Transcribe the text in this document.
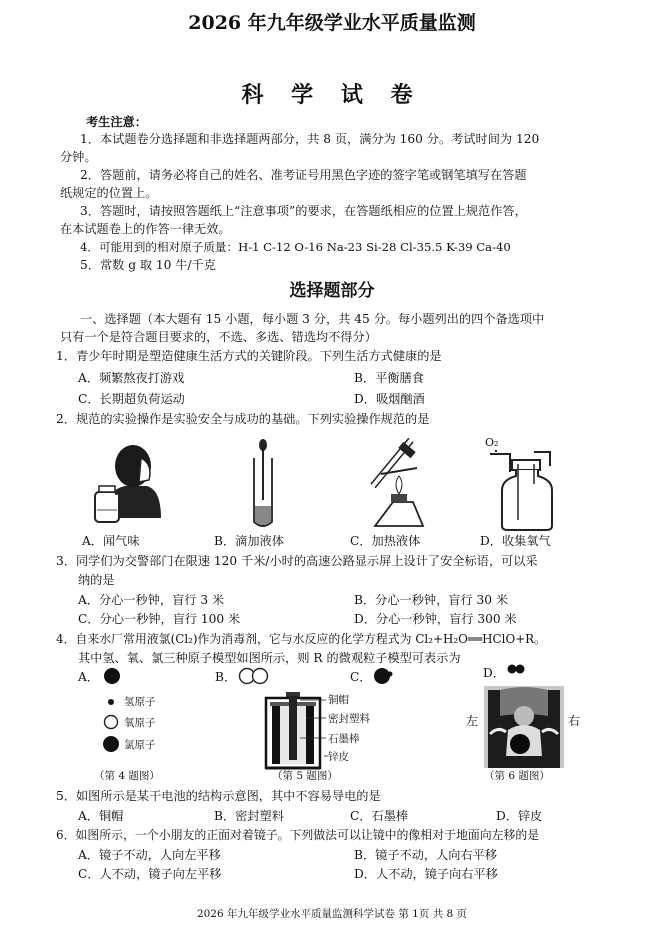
2026 年九年级学业水平质量监测
科 学 试 卷
考生注意：
1．本试题卷分选择题和非选择题两部分，共 8 页，满分为 160 分。考试时间为 120
分钟。
2．答题前，请务必将自己的姓名、准考证号用黑色字迹的签字笔或钢笔填写在答题
纸规定的位置上。
3．答题时，请按照答题纸上“注意事项”的要求，在答题纸相应的位置上规范作答，
在本试题卷上的作答一律无效。
4．可能用到的相对原子质量：H-1 C-12 O-16 Na-23 Si-28 Cl-35.5 K-39 Ca-40
5．常数 g 取 10 牛/千克
选择题部分
一、选择题（本大题有 15 小题，每小题 3 分，共 45 分。每小题列出的四个备选项中
只有一个是符合题目要求的，不选、多选、错选均不得分）
1．青少年时期是塑造健康生活方式的关键阶段。下列生活方式健康的是
A．频繁熬夜打游戏	B．平衡膳食
C．长期超负荷运动	D．吸烟酗酒
2．规范的实验操作是实验安全与成功的基础。下列实验操作规范的是
O₂
A．闻气味	B．滴加液体	C．加热液体	D．收集氧气
3．同学们为交警部门在限速 120 千米/小时的高速公路显示屏上设计了安全标语，可以采
纳的是
A．分心一秒钟，盲行 3 米	B．分心一秒钟，盲行 30 米
C．分心一秒钟，盲行 100 米	D．分心一秒钟，盲行 300 米
4．自来水厂常用液氯(Cl₂)作为消毒剂，它与水反应的化学方程式为 Cl₂+H₂O══HClO+R。
其中氢、氧、氯三种原子模型如图所示，则 R 的微观粒子模型可表示为
A．	B．	C．	D．
氢原子
氧原子
氯原子
（第 4 题图）
铜帽
密封塑料
石墨棒
锌皮
（第 5 题图）
左	右
（第 6 题图）
5．如图所示是某干电池的结构示意图，其中不容易导电的是
A．铜帽	B．密封塑料	C．石墨棒	D．锌皮
6．如图所示，一个小朋友的正面对着镜子。下列做法可以让镜中的像相对于地面向左移的是
A．镜子不动，人向左平移	B．镜子不动，人向右平移
C．人不动，镜子向左平移	D．人不动，镜子向右平移
2026 年九年级学业水平质量监测科学试卷 第 1页 共 8 页
